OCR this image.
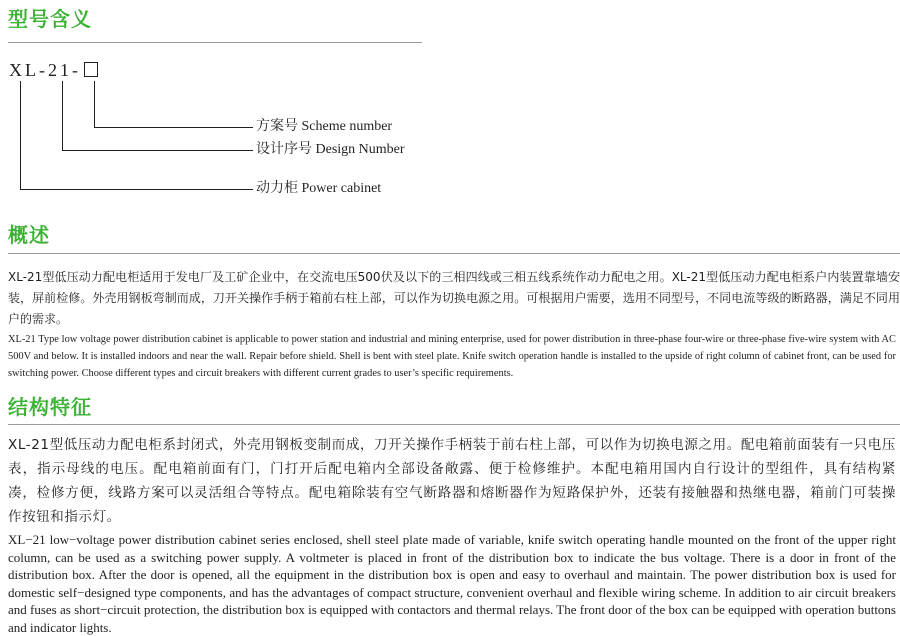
型号含义
XL-21-
方案号 Scheme number
设计序号 Design Number
动力柜 Power cabinet
概述

XL-21型低压动力配电柜适用于发电厂及工矿企业中，在交流电压500伏及以下的三相四线或三相五线系统作动力配电之用。XL-21型低压动力配电柜系户内装置靠墙安装，屏前检修。外壳用钢板弯制而成，刀开关操作手柄于箱前右柱上部，可以作为切换电源之用。可根据用户需要，选用不同型号，不同电流等级的断路器，满足不同用户的需求。

XL-21 Type low voltage power distribution cabinet is applicable to power station and industrial and mining enterprise, used for power distribution in three-phase four-wire or three-phase five-wire system with AC 500V and below. It is installed indoors and near the wall. Repair before shield. Shell is bent with steel plate. Knife switch operation handle is installed to the upside of right column of cabinet front, can be used for switching power. Choose different types and circuit breakers with different current grades to user’s specific requirements.

结构特征

XL-21型低压动力配电柜系封闭式，外壳用钢板变制而成，刀开关操作手柄装于前右柱上部，可以作为切换电源之用。配电箱前面装有一只电压表，指示母线的电压。配电箱前面有门，门打开后配电箱内全部设备敞露、便于检修维护。本配电箱用国内自行设计的型组件，具有结构紧凑，检修方便，线路方案可以灵活组合等特点。配电箱除装有空气断路器和熔断器作为短路保护外，还装有接触器和热继电器，箱前门可装操作按钮和指示灯。

XL−21 low−voltage power distribution cabinet series enclosed, shell steel plate made of variable, knife switch operating handle mounted on the front of the upper right column, can be used as a switching power supply. A voltmeter is placed in front of the distribution box to indicate the bus voltage. There is a door in front of the distribution box. After the door is opened, all the equipment in the distribution box is open and easy to overhaul and maintain. The power distribution box is used for domestic self−designed type components, and has the advantages of compact structure, convenient overhaul and flexible wiring scheme. In addition to air circuit breakers and fuses as short−circuit protection, the distribution box is equipped with contactors and thermal relays. The front door of the box can be equipped with operation buttons and indicator lights.
